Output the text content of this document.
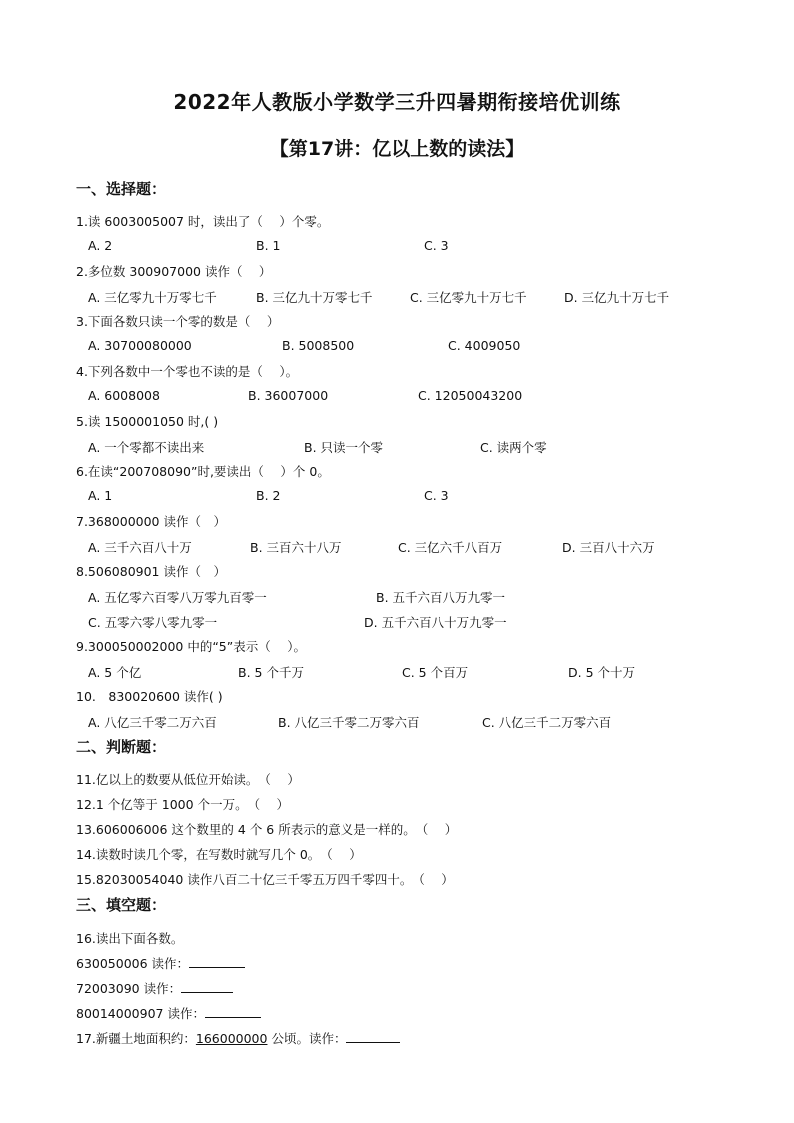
2022年人教版小学数学三升四暑期衔接培优训练
【第17讲：亿以上数的读法】
一、选择题：
1.读 6003005007 时，读出了（　 ）个零。
A. 2	B. 1	C. 3
2.多位数 300907000 读作（　 ）
A. 三亿零九十万零七千	B. 三亿九十万零七千	C. 三亿零九十万七千	D. 三亿九十万七千
3.下面各数只读一个零的数是（　 ）
A. 30700080000	B. 5008500	C. 4009050
4.下列各数中一个零也不读的是（　 ）。
A. 6008008	B. 36007000	C. 12050043200
5.读 1500001050 时,( )
A. 一个零都不读出来	B. 只读一个零	C. 读两个零
6.在读“200708090”时,要读出（　 ）个 0。
A. 1	B. 2	C. 3
7.368000000 读作（　）
A. 三千六百八十万	B. 三百六十八万	C. 三亿六千八百万	D. 三百八十六万
8.506080901 读作（　）
A. 五亿零六百零八万零九百零一	B. 五千六百八万九零一
C. 五零六零八零九零一	D. 五千六百八十万九零一
9.300050002000 中的“5”表示（　 ）。
A. 5 个亿	B. 5 个千万	C. 5 个百万	D. 5 个十万
10.　830020600 读作( )
A. 八亿三千零二万六百	B. 八亿三千零二万零六百	C. 八亿三千二万零六百
二、判断题：
11.亿以上的数要从低位开始读。　（　 ）
12.1 个亿等于 1000 个一万。　（　 ）
13.606006006 这个数里的 4 个 6 所表示的意义是一样的。　（　 ）
14.读数时读几个零，在写数时就写几个 0。　（　 ）
15.82030054040 读作八百二十亿三千零五万四千零四十。　（　 ）
三、填空题：
16.读出下面各数。
630050006 读作：
72003090 读作：
80014000907 读作：
17.新疆土地面积约：166000000 公顷。读作：
